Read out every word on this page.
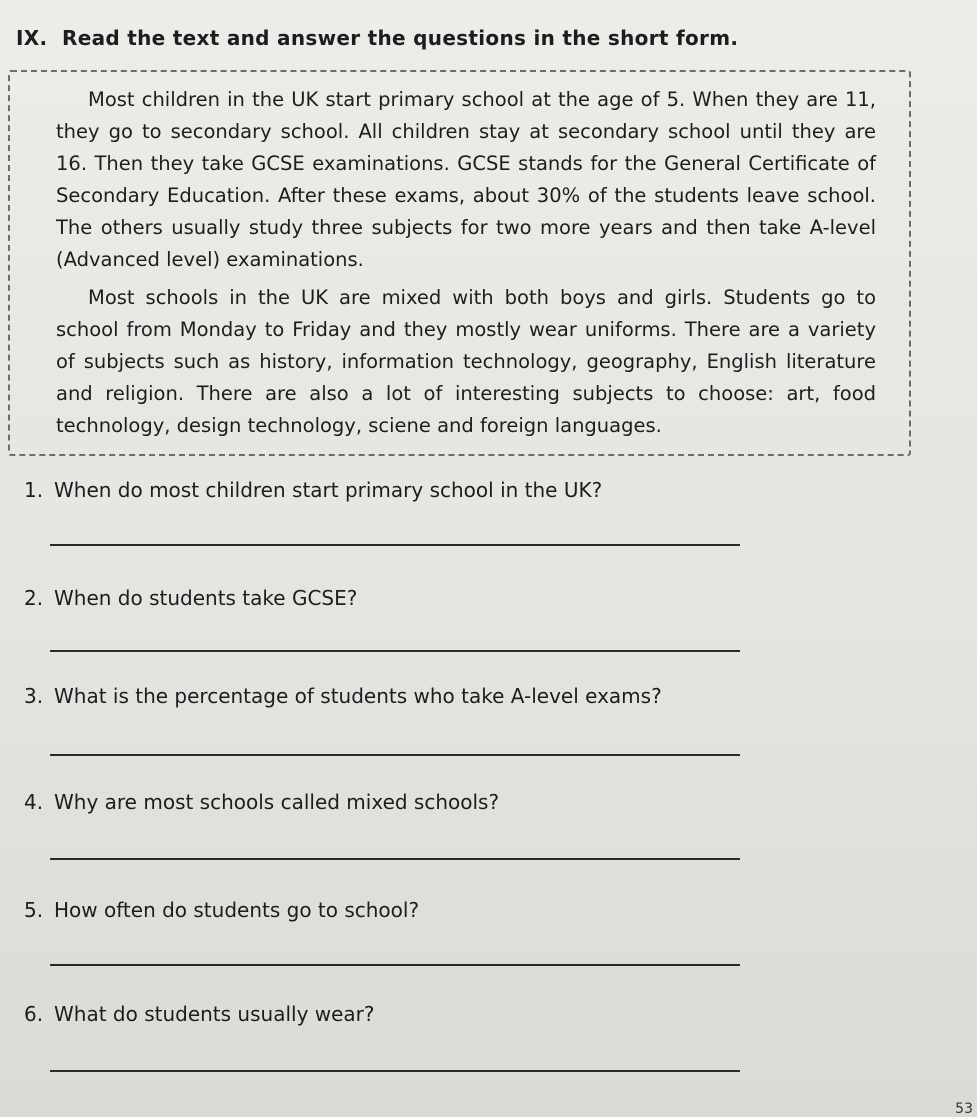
IX. Read the text and answer the questions in the short form.
Most children in the UK start primary school at the age of 5. When they are 11, they go to secondary school. All children stay at secondary school until they are 16. Then they take GCSE examinations. GCSE stands for the General Certificate of Secondary Education. After these exams, about 30% of the students leave school. The others usually study three subjects for two more years and then take A-level (Advanced level) examinations.
Most schools in the UK are mixed with both boys and girls. Students go to school from Monday to Friday and they mostly wear uniforms. There are a variety of subjects such as history, information technology, geography, English literature and religion. There are also a lot of interesting subjects to choose: art, food technology, design technology, sciene and foreign languages.
1. When do most children start primary school in the UK?
2. When do students take GCSE?
3. What is the percentage of students who take A-level exams?
4. Why are most schools called mixed schools?
5. How often do students go to school?
6. What do students usually wear?
53
